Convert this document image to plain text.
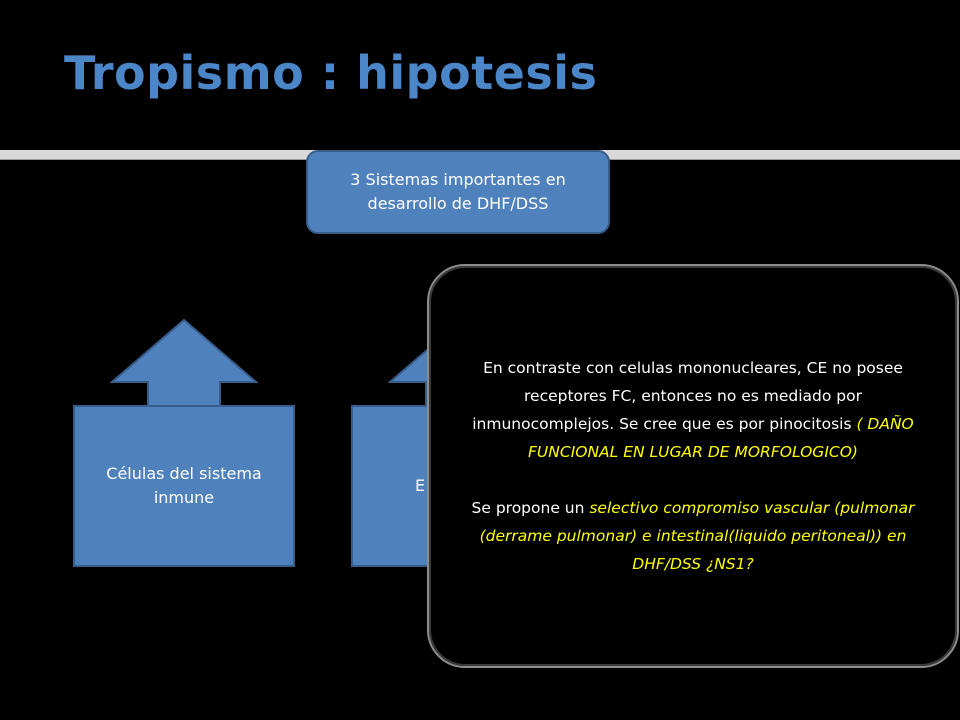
Tropismo : hipotesis
3 Sistemas importantes en
desarrollo de DHF/DSS
Células del sistema
inmune
E

En contraste con celulas mononucleares, CE no posee receptores FC, entonces no es mediado por inmunocomplejos. Se cree que es por pinocitosis ( DAÑO FUNCIONAL EN LUGAR DE MORFOLOGICO)

Se propone un selectivo compromiso vascular (pulmonar (derrame pulmonar) e intestinal(liquido peritoneal)) en DHF/DSS ¿NS1?
